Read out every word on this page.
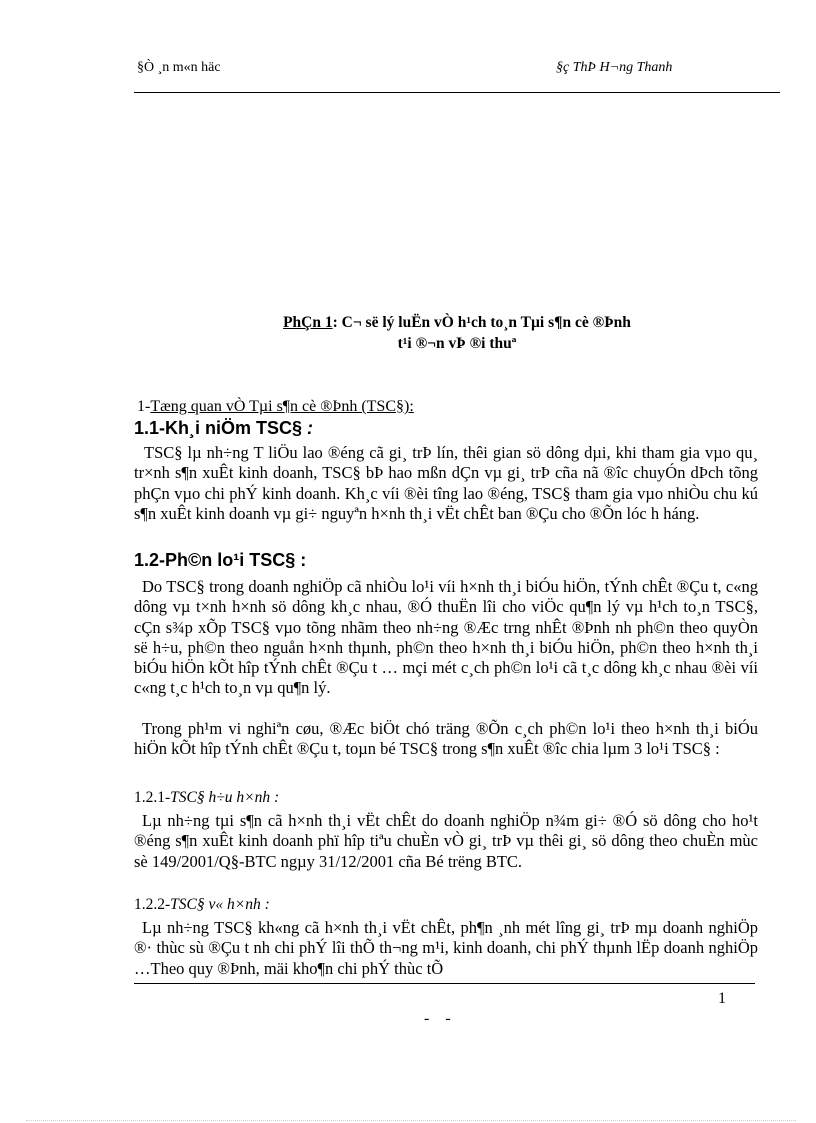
§Ò ¸n m«n häc	§ç ThÞ H¬ng Thanh
PhÇn 1: C¬ së lý luËn vÒ h¹ch to¸n Tµi s¶n cè ®Þnh
t¹i ®¬n vÞ ®i thuª
1-Tæng quan vÒ Tµi s¶n cè ®Þnh (TSC§):
1.1-Kh¸i niÖm TSC§ :

TSC§ lµ nh÷ng T liÖu lao ®éng cã gi¸ trÞ lín, thêi gian sö dông dµi, khi tham gia vµo qu¸ tr×nh s¶n xuÊt kinh doanh, TSC§ bÞ hao mßn dÇn vµ gi¸ trÞ cña nã ®îc chuyÓn dÞch tõng phÇn vµo chi phÝ kinh doanh. Kh¸c víi ®èi tîng lao ®éng, TSC§ tham gia vµo nhiÒu chu kú s¶n xuÊt kinh doanh vµ gi÷ nguyªn h×nh th¸i vËt chÊt ban ®Çu cho ®Õn lóc h háng.

1.2-Ph©n lo¹i TSC§ :

Do TSC§ trong doanh nghiÖp cã nhiÒu lo¹i víi h×nh th¸i biÓu hiÖn, tÝnh chÊt ®Çu t, c«ng dông vµ t×nh h×nh sö dông kh¸c nhau, ®Ó thuËn lîi cho viÖc qu¶n lý vµ h¹ch to¸n TSC§, cÇn s¾p xÕp TSC§ vµo tõng nhãm theo nh÷ng ®Æc trng nhÊt ®Þnh nh ph©n theo quyÒn së h÷u, ph©n theo nguån h×nh thµnh, ph©n theo h×nh th¸i biÓu hiÖn, ph©n theo h×nh th¸i biÓu hiÖn kÕt hîp tÝnh chÊt ®Çu t … mçi mét c¸ch ph©n lo¹i cã t¸c dông kh¸c nhau ®èi víi c«ng t¸c h¹ch to¸n vµ qu¶n lý.

Trong ph¹m vi nghiªn cøu, ®Æc biÖt chó träng ®Õn c¸ch ph©n lo¹i theo h×nh th¸i biÓu hiÖn kÕt hîp tÝnh chÊt ®Çu t, toµn bé TSC§ trong s¶n xuÊt ®îc chia lµm 3 lo¹i TSC§ :

1.2.1-TSC§ h÷u h×nh :

Lµ nh÷ng tµi s¶n cã h×nh th¸i vËt chÊt do doanh nghiÖp n¾m gi÷ ®Ó sö dông cho ho¹t ®éng s¶n xuÊt kinh doanh phï hîp tiªu chuÈn vÒ gi¸ trÞ vµ thêi gi¸ sö dông theo chuÈn mùc sè 149/2001/Q§-BTC ngµy 31/12/2001 cña Bé trëng BTC.

1.2.2-TSC§ v« h×nh :

Lµ nh÷ng TSC§ kh«ng cã h×nh th¸i vËt chÊt, ph¶n ¸nh mét lîng gi¸ trÞ mµ doanh nghiÖp ®· thùc sù ®Çu t nh chi phÝ lîi thÕ th¬ng m¹i, kinh doanh, chi phÝ thµnh lËp doanh nghiÖp …Theo quy ®Þnh, mäi kho¶n chi phÝ thùc tÕ

1
- -
